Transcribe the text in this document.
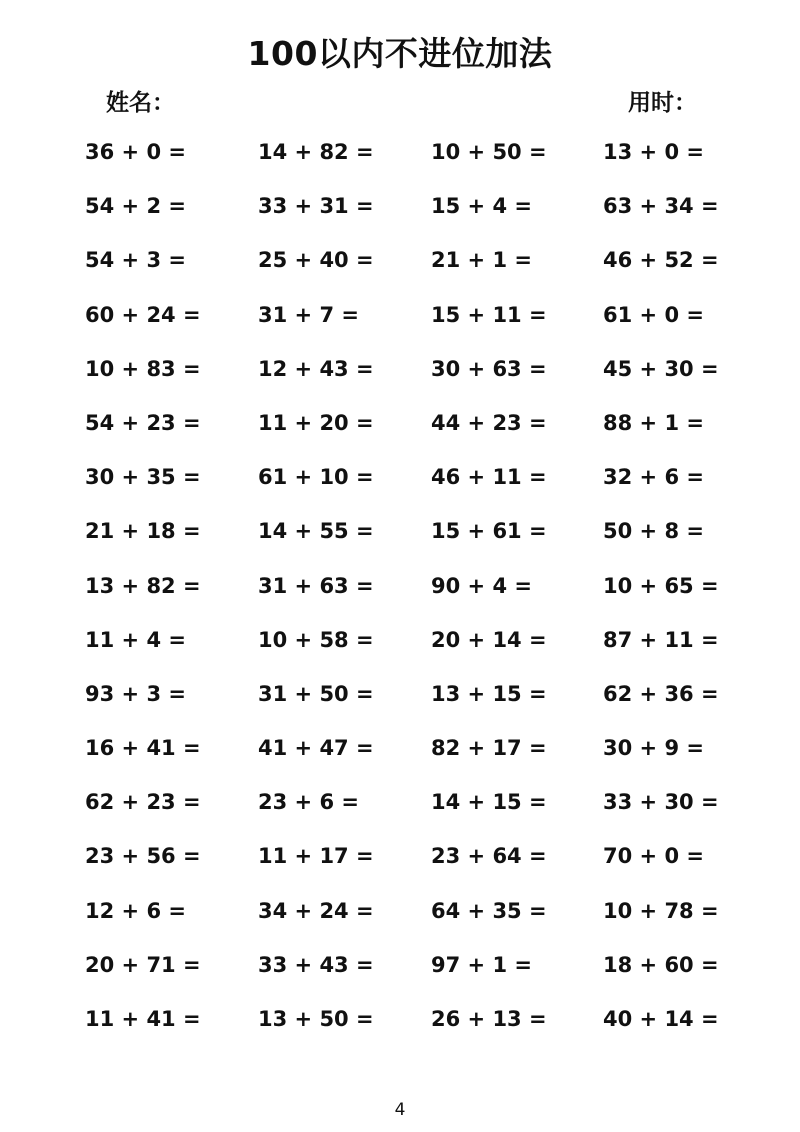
100以内不进位加法
姓名：	用时：
36 + 0 =	14 + 82 =	10 + 50 =	13 + 0 =
54 + 2 =	33 + 31 =	15 + 4 =	63 + 34 =
54 + 3 =	25 + 40 =	21 + 1 =	46 + 52 =
60 + 24 =	31 + 7 =	15 + 11 =	61 + 0 =
10 + 83 =	12 + 43 =	30 + 63 =	45 + 30 =
54 + 23 =	11 + 20 =	44 + 23 =	88 + 1 =
30 + 35 =	61 + 10 =	46 + 11 =	32 + 6 =
21 + 18 =	14 + 55 =	15 + 61 =	50 + 8 =
13 + 82 =	31 + 63 =	90 + 4 =	10 + 65 =
11 + 4 =	10 + 58 =	20 + 14 =	87 + 11 =
93 + 3 =	31 + 50 =	13 + 15 =	62 + 36 =
16 + 41 =	41 + 47 =	82 + 17 =	30 + 9 =
62 + 23 =	23 + 6 =	14 + 15 =	33 + 30 =
23 + 56 =	11 + 17 =	23 + 64 =	70 + 0 =
12 + 6 =	34 + 24 =	64 + 35 =	10 + 78 =
20 + 71 =	33 + 43 =	97 + 1 =	18 + 60 =
11 + 41 =	13 + 50 =	26 + 13 =	40 + 14 =
4
